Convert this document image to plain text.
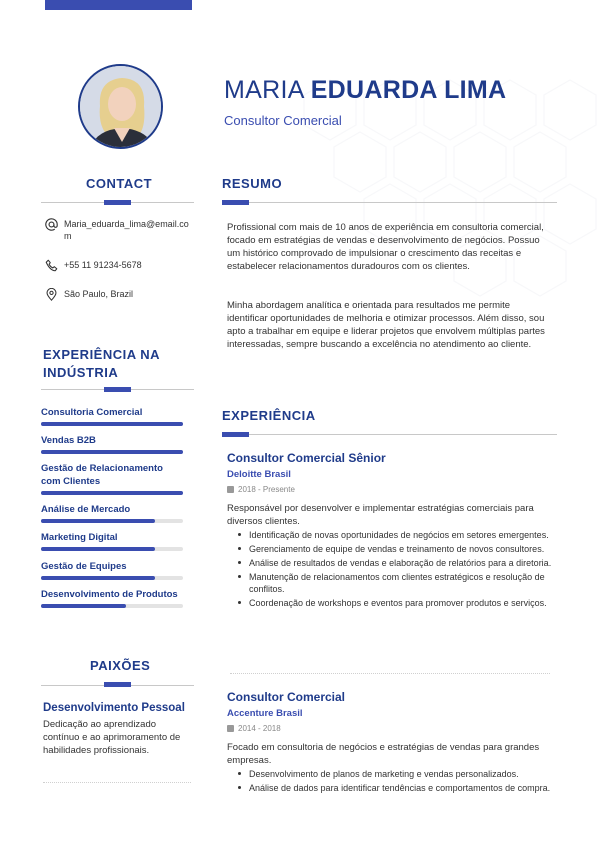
MARIA EDUARDA LIMA
Consultor Comercial
CONTACT
Maria_eduarda_lima@email.com
+55 11 91234-5678
São Paulo, Brazil
EXPERIÊNCIA NA
INDÚSTRIA
Consultoria Comercial
Vendas B2B
Gestão de Relacionamento com Clientes
Análise de Mercado
Marketing Digital
Gestão de Equipes
Desenvolvimento de Produtos
PAIXÕES
Desenvolvimento Pessoal
Dedicação ao aprendizado contínuo e ao aprimoramento de habilidades profissionais.
RESUMO
Profissional com mais de 10 anos de experiência em consultoria comercial, focado em estratégias de vendas e desenvolvimento de negócios. Possuo um histórico comprovado de impulsionar o crescimento das receitas e estabelecer relacionamentos duradouros com os clientes.
Minha abordagem analítica e orientada para resultados me permite identificar oportunidades de melhoria e otimizar processos. Além disso, sou apto a trabalhar em equipe e liderar projetos que envolvem múltiplas partes interessadas, sempre buscando a excelência no atendimento ao cliente.
EXPERIÊNCIA
Consultor Comercial Sênior
Deloitte Brasil
2018 - Presente
Responsável por desenvolver e implementar estratégias comerciais para diversos clientes.
Identificação de novas oportunidades de negócios em setores emergentes.
Gerenciamento de equipe de vendas e treinamento de novos consultores.
Análise de resultados de vendas e elaboração de relatórios para a diretoria.
Manutenção de relacionamentos com clientes estratégicos e resolução de conflitos.
Coordenação de workshops e eventos para promover produtos e serviços.
Consultor Comercial
Accenture Brasil
2014 - 2018
Focado em consultoria de negócios e estratégias de vendas para grandes empresas.
Desenvolvimento de planos de marketing e vendas personalizados.
Análise de dados para identificar tendências e comportamentos de compra.
